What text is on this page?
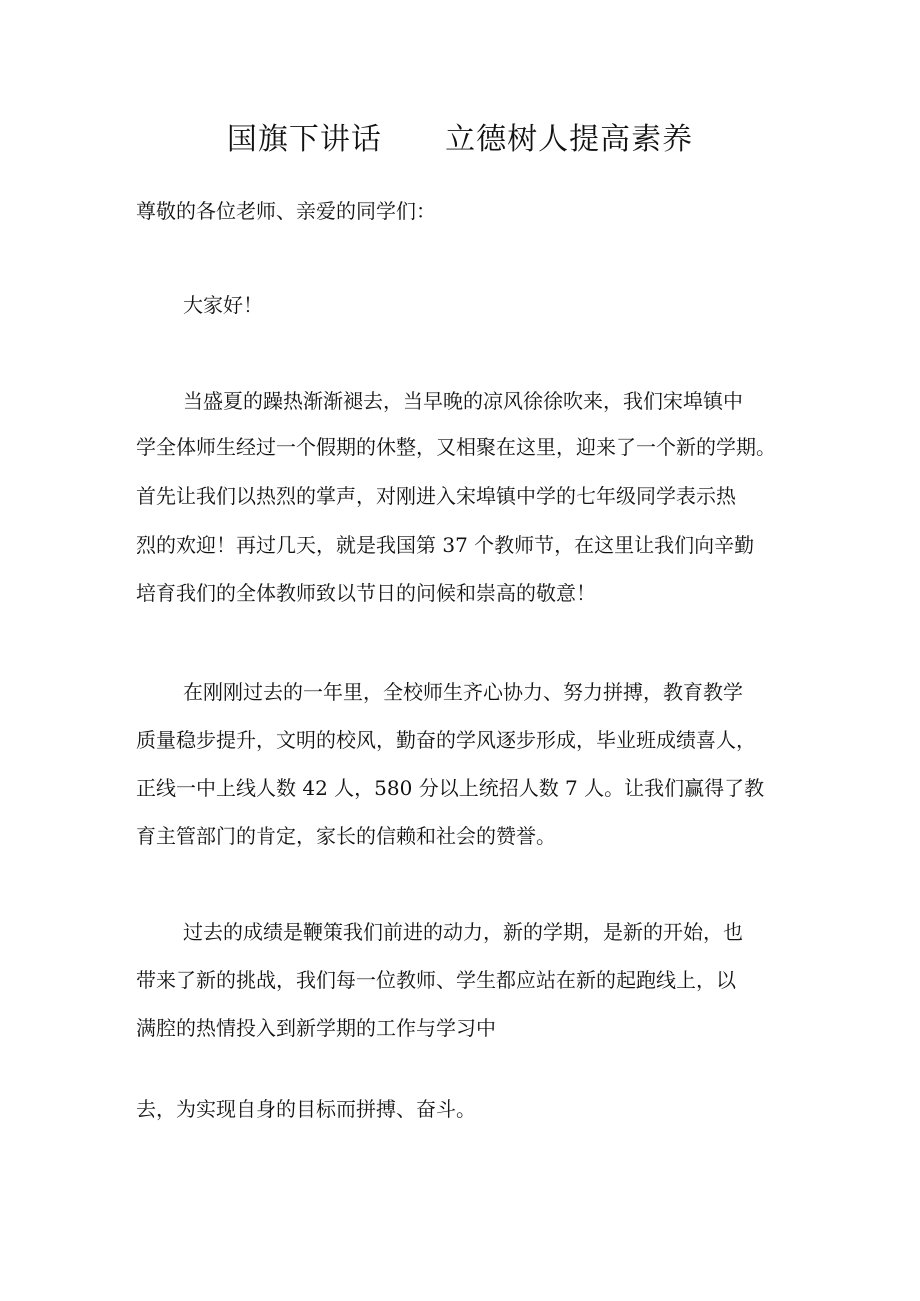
国旗下讲话      立德树人提高素养
尊敬的各位老师、亲爱的同学们：
大家好！
当盛夏的躁热渐渐褪去，当早晚的凉风徐徐吹来，我们宋埠镇中
学全体师生经过一个假期的休整，又相聚在这里，迎来了一个新的学期。
首先让我们以热烈的掌声，对刚进入宋埠镇中学的七年级同学表示热
烈的欢迎！再过几天，就是我国第 37 个教师节，在这里让我们向辛勤
培育我们的全体教师致以节日的问候和崇高的敬意！
在刚刚过去的一年里，全校师生齐心协力、努力拼搏，教育教学
质量稳步提升，文明的校风，勤奋的学风逐步形成，毕业班成绩喜人，
正线一中上线人数 42 人，580 分以上统招人数 7 人。让我们赢得了教
育主管部门的肯定，家长的信赖和社会的赞誉。
过去的成绩是鞭策我们前进的动力，新的学期，是新的开始，也
带来了新的挑战，我们每一位教师、学生都应站在新的起跑线上，以
满腔的热情投入到新学期的工作与学习中
去，为实现自身的目标而拼搏、奋斗。
